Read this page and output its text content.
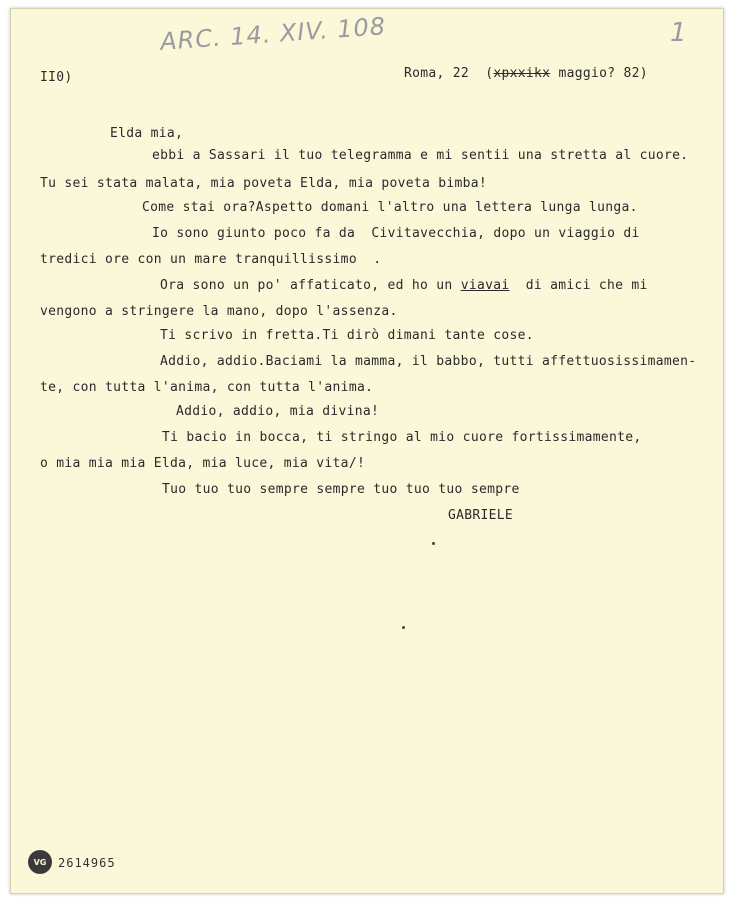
ARC. 14. XIV. 108	1
II0)	Roma, 22 (xpxxikx maggio? 82)
Elda mia,
ebbi a Sassari il tuo telegramma e mi sentii una stretta al cuore.
Tu sei stata malata, mia poveta Elda, mia poveta bimba!
Come stai ora?Aspetto domani l'altro una lettera lunga lunga.
Io sono giunto poco fa da  Civitavecchia, dopo un viaggio di
tredici ore con un mare tranquillissimo  .
Ora sono un po' affaticato, ed ho un viavai  di amici che mi
vengono a stringere la mano, dopo l'assenza.
Ti scrivo in fretta.Ti dirò dimani tante cose.
Addio, addio.Baciami la mamma, il babbo, tutti affettuosissimamen-
te, con tutta l'anima, con tutta l'anima.
Addio, addio, mia divina!
Ti bacio in bocca, ti stringo al mio cuore fortissimamente,
o mia mia mia Elda, mia luce, mia vita/!
Tuo tuo tuo sempre sempre tuo tuo tuo sempre
GABRIELE
VG 2614965
